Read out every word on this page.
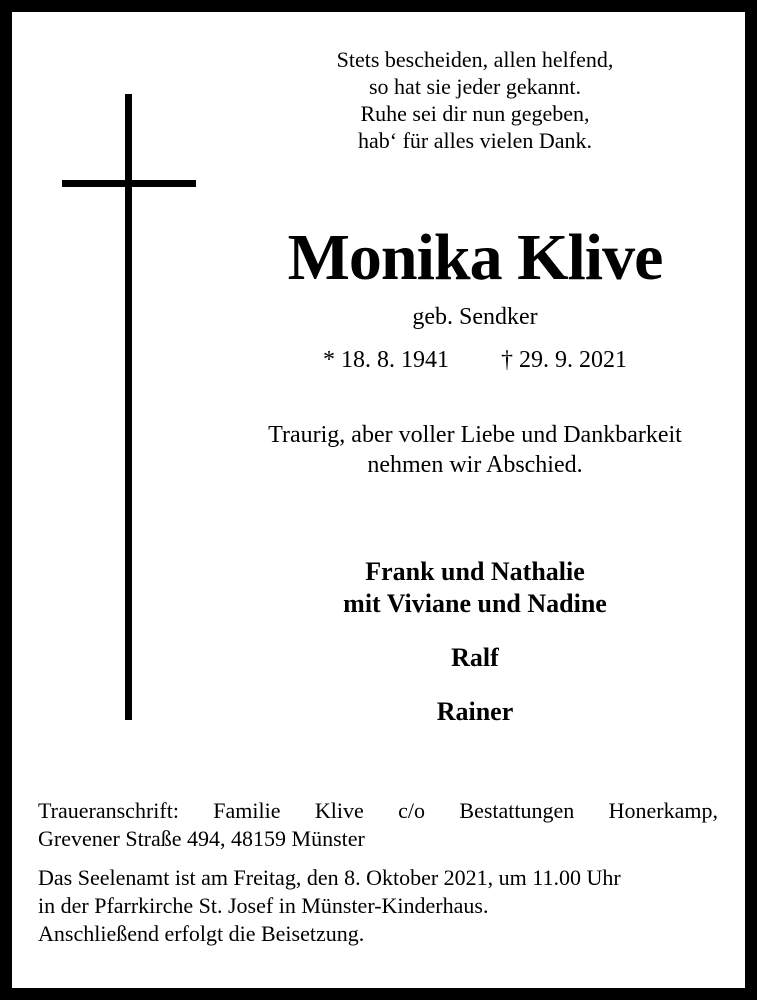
Stets bescheiden, allen helfend,
so hat sie jeder gekannt.
Ruhe sei dir nun gegeben,
hab‘ für alles vielen Dank.
Monika Klive
geb. Sendker
* 18. 8. 1941 † 29. 9. 2021
Traurig, aber voller Liebe und Dankbarkeit
nehmen wir Abschied.
Frank und Nathalie
mit Viviane und Nadine
Ralf
Rainer
Traueranschrift: Familie Klive c/o Bestattungen Honerkamp,
Grevener Straße 494, 48159 Münster
Das Seelenamt ist am Freitag, den 8. Oktober 2021, um 11.00 Uhr
in der Pfarrkirche St. Josef in Münster-Kinderhaus.
Anschließend erfolgt die Beisetzung.
